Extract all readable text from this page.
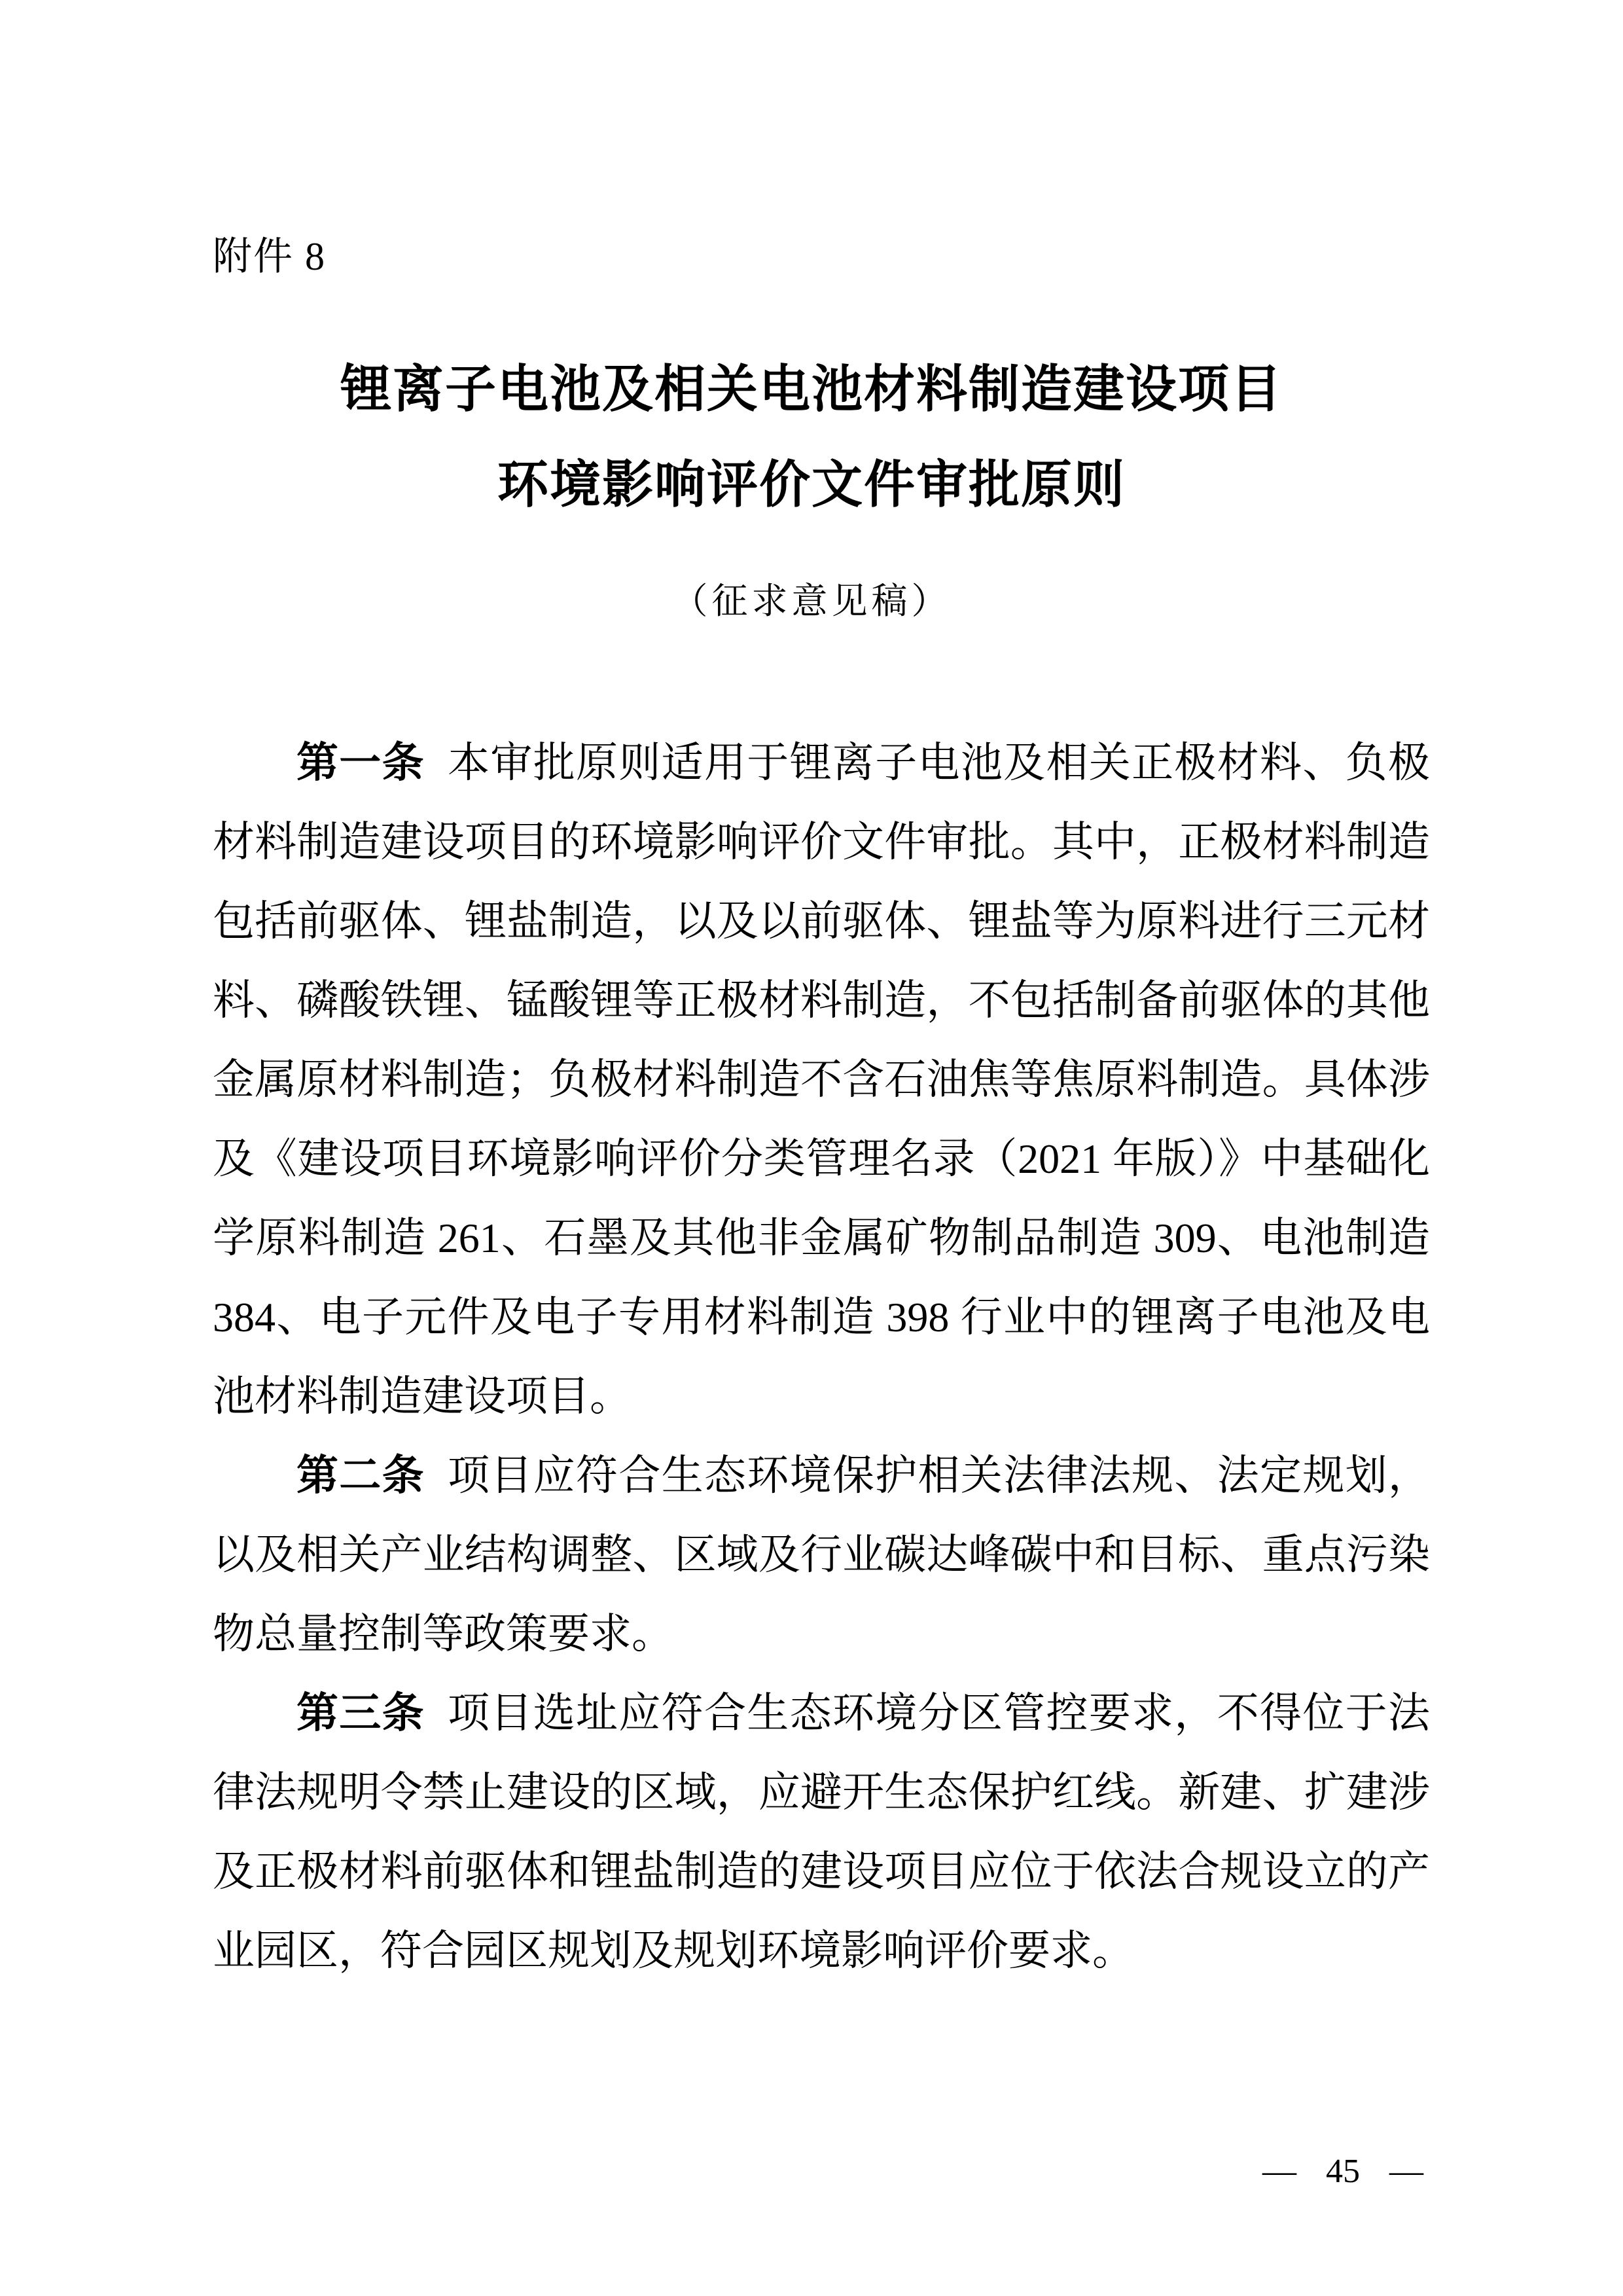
附件 8
锂离子电池及相关电池材料制造建设项目
环境影响评价文件审批原则
（征求意见稿）

第一条 本审批原则适用于锂离子电池及相关正极材料、负极材料制造建设项目的环境影响评价文件审批。其中，正极材料制造包括前驱体、锂盐制造，以及以前驱体、锂盐等为原料进行三元材料、磷酸铁锂、锰酸锂等正极材料制造，不包括制备前驱体的其他金属原材料制造；负极材料制造不含石油焦等焦原料制造。具体涉及《建设项目环境影响评价分类管理名录（2021 年版）》中基础化学原料制造 261、石墨及其他非金属矿物制品制造 309、电池制造 384、电子元件及电子专用材料制造 398 行业中的锂离子电池及电池材料制造建设项目。

第二条 项目应符合生态环境保护相关法律法规、法定规划，以及相关产业结构调整、区域及行业碳达峰碳中和目标、重点污染物总量控制等政策要求。

第三条 项目选址应符合生态环境分区管控要求，不得位于法律法规明令禁止建设的区域，应避开生态保护红线。新建、扩建涉及正极材料前驱体和锂盐制造的建设项目应位于依法合规设立的产业园区，符合园区规划及规划环境影响评价要求。

— 45 —
